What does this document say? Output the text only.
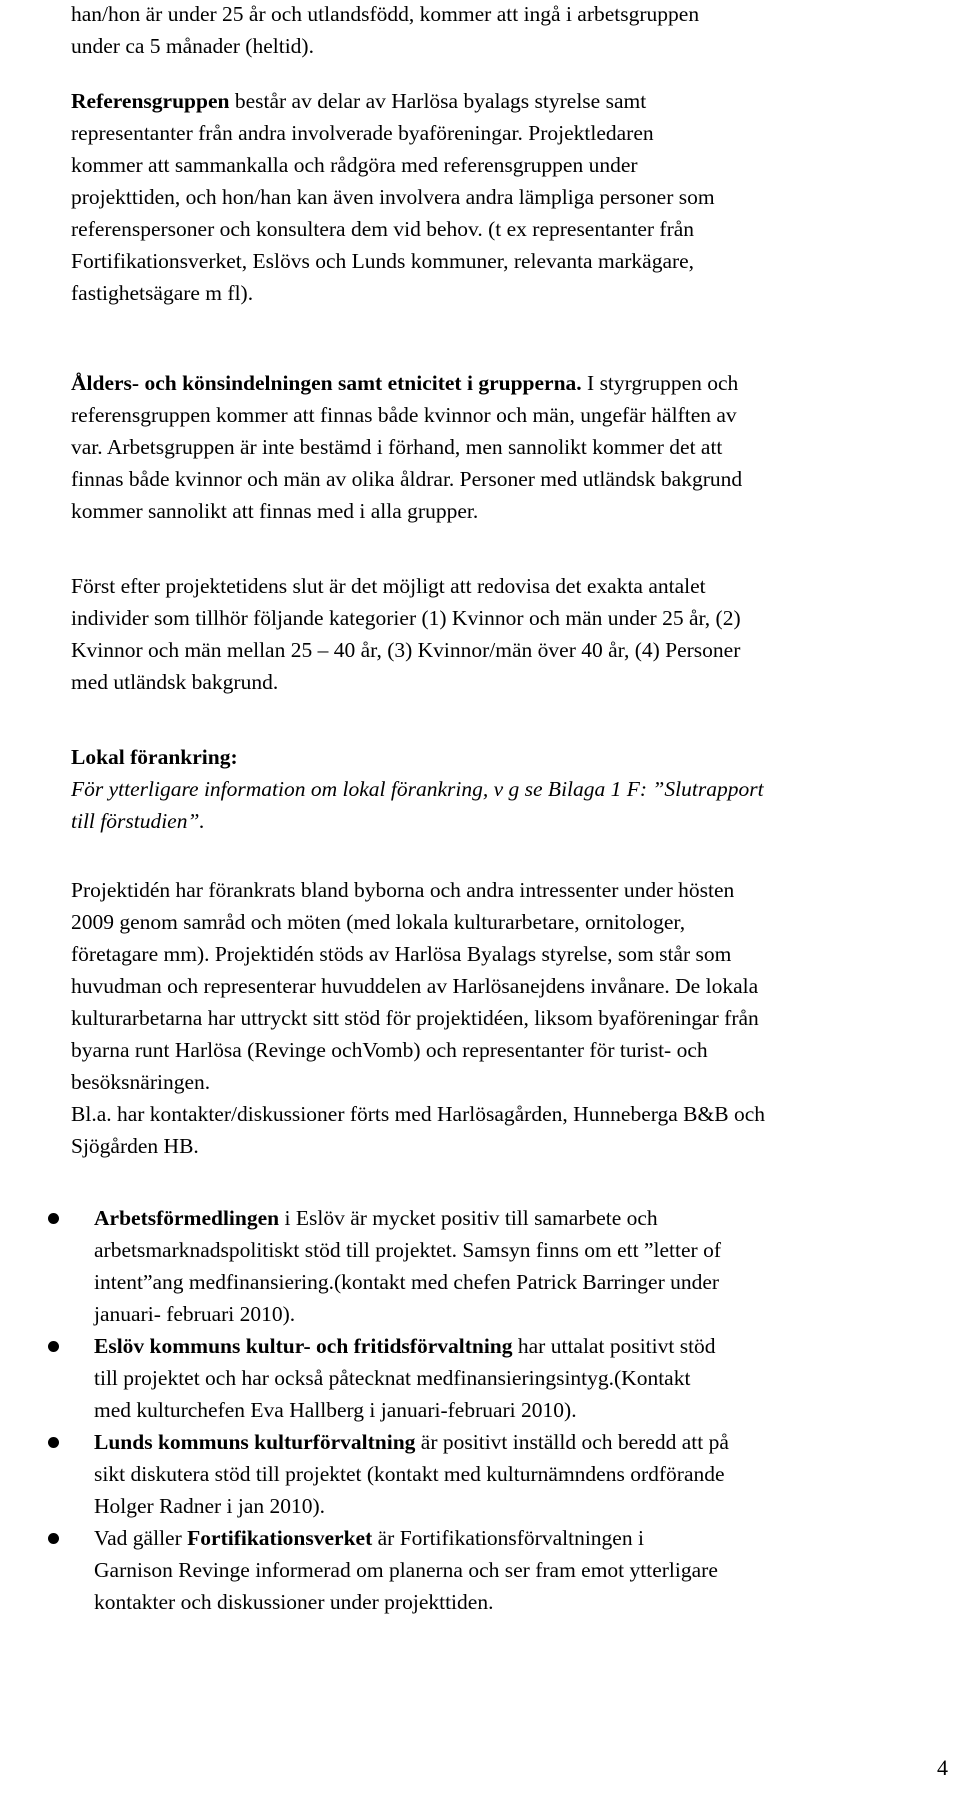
han/hon är under 25 år och utlandsfödd, kommer att ingå i arbetsgruppen
under ca 5 månader (heltid).
Referensgruppen består av delar av Harlösa byalags styrelse samt
representanter från andra involverade byaföreningar. Projektledaren
kommer att sammankalla och rådgöra med referensgruppen under
projekttiden, och hon/han kan även involvera andra lämpliga personer som
referenspersoner och konsultera dem vid behov. (t ex representanter från
Fortifikationsverket, Eslövs och Lunds kommuner, relevanta markägare,
fastighetsägare m fl).
Ålders- och könsindelningen samt etnicitet i grupperna. I styrgruppen och
referensgruppen kommer att finnas både kvinnor och män, ungefär hälften av
var. Arbetsgruppen är inte bestämd i förhand, men sannolikt kommer det att
finnas både kvinnor och män av olika åldrar. Personer med utländsk bakgrund
kommer sannolikt att finnas med i alla grupper.
Först efter projektetidens slut är det möjligt att redovisa det exakta antalet
individer som tillhör följande kategorier (1) Kvinnor och män under 25 år, (2)
Kvinnor och män mellan 25 – 40 år, (3) Kvinnor/män över 40 år, (4) Personer
med utländsk bakgrund.
Lokal förankring:
För ytterligare information om lokal förankring, v g se Bilaga 1 F: ”Slutrapport
till förstudien”.
Projektidén har förankrats bland byborna och andra intressenter under hösten
2009 genom samråd och möten (med lokala kulturarbetare, ornitologer,
företagare mm). Projektidén stöds av Harlösa Byalags styrelse, som står som
huvudman och representerar huvuddelen av Harlösanejdens invånare. De lokala
kulturarbetarna har uttryckt sitt stöd för projektidéen, liksom byaföreningar från
byarna runt Harlösa (Revinge ochVomb) och representanter för turist- och
besöksnäringen.
Bl.a. har kontakter/diskussioner förts med Harlösagården, Hunneberga B&B och
Sjögården HB.
Arbetsförmedlingen i Eslöv är mycket positiv till samarbete och
arbetsmarknadspolitiskt stöd till projektet. Samsyn finns om ett ”letter of
intent”ang medfinansiering.(kontakt med chefen Patrick Barringer under
januari- februari 2010).
Eslöv kommuns kultur- och fritidsförvaltning har uttalat positivt stöd
till projektet och har också påtecknat medfinansieringsintyg.(Kontakt
med kulturchefen Eva Hallberg i januari-februari 2010).
Lunds kommuns kulturförvaltning är positivt inställd och beredd att på
sikt diskutera stöd till projektet (kontakt med kulturnämndens ordförande
Holger Radner i jan 2010).
Vad gäller Fortifikationsverket är Fortifikationsförvaltningen i
Garnison Revinge informerad om planerna och ser fram emot ytterligare
kontakter och diskussioner under projekttiden.
4
